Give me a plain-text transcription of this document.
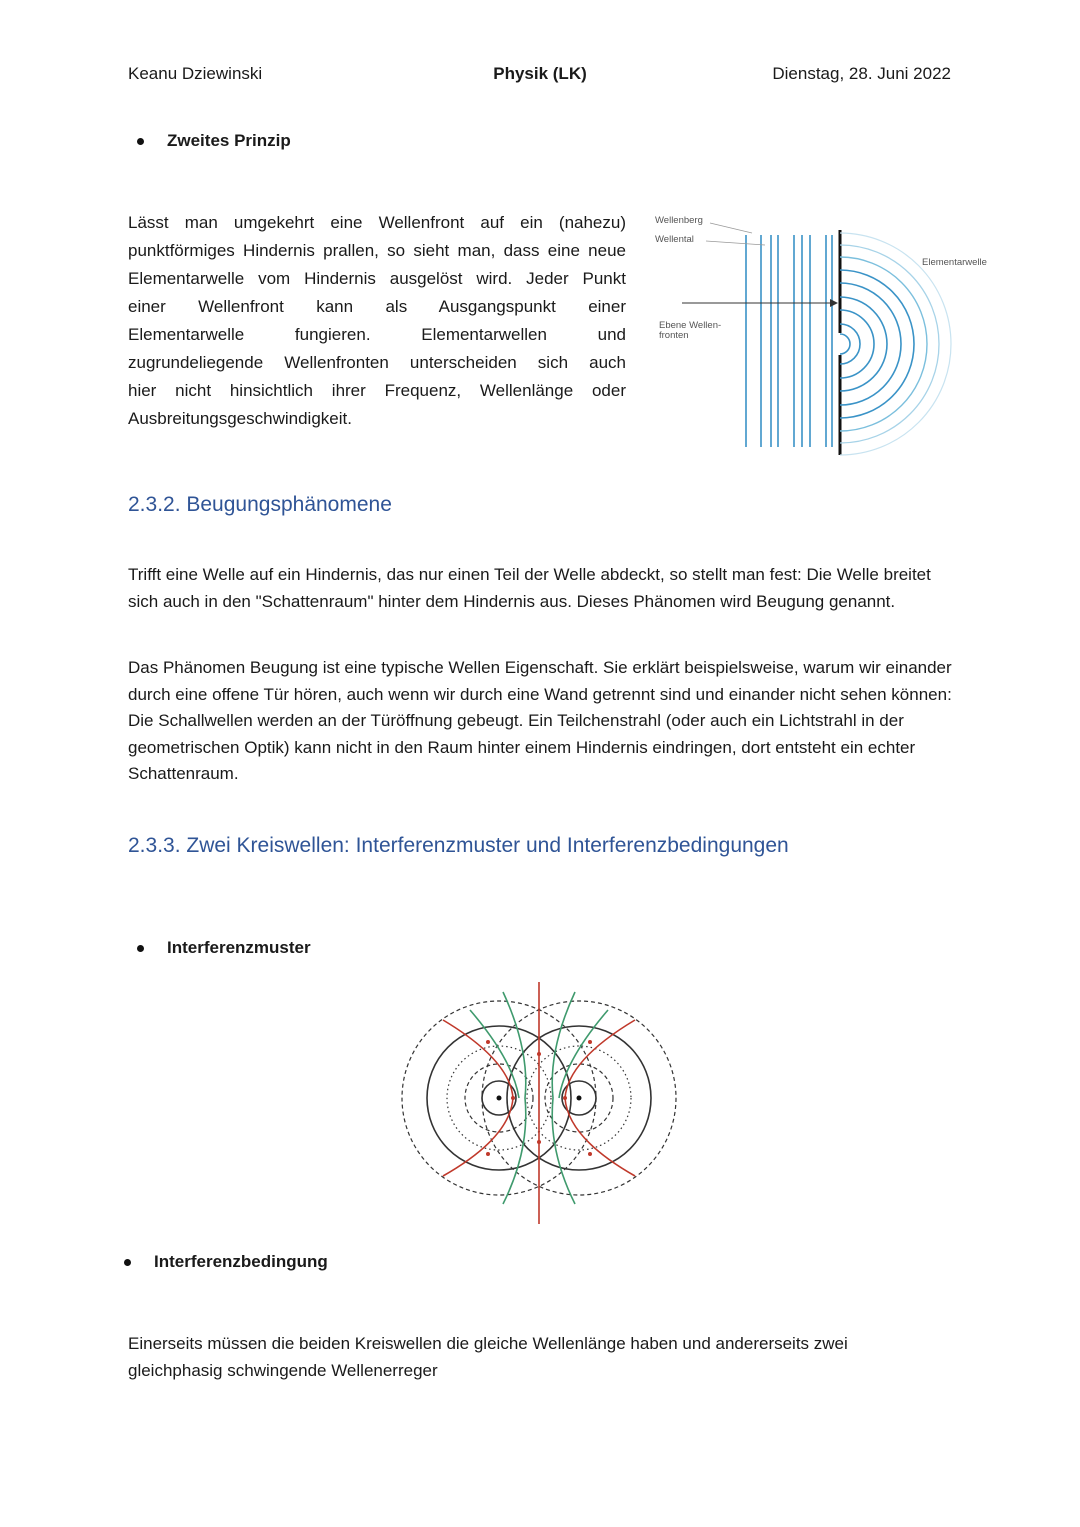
Keanu Dziewinski	Physik (LK)	Dienstag, 28. Juni 2022
Zweites Prinzip
Lässt man umgekehrt eine Wellenfront auf ein (nahezu)
punktförmiges Hindernis prallen, so sieht man, dass eine neue
Elementarwelle vom Hindernis ausgelöst wird. Jeder Punkt
einer Wellenfront kann als Ausgangspunkt einer
Elementarwelle fungieren. Elementarwellen und
zugrundeliegende Wellenfronten unterscheiden sich auch
hier nicht hinsichtlich ihrer Frequenz, Wellenlänge oder
Ausbreitungsgeschwindigkeit.
Wellenberg
Wellental
Elementarwelle
Ebene Wellen-
fronten
2.3.2. Beugungsphänomene
Trifft eine Welle auf ein Hindernis, das nur einen Teil der Welle abdeckt, so stellt man fest: Die Welle breitet sich auch in den "Schattenraum" hinter dem Hindernis aus. Dieses Phänomen wird Beugung genannt.
Das Phänomen Beugung ist eine typische Wellen Eigenschaft. Sie erklärt beispielsweise, warum wir einander durch eine offene Tür hören, auch wenn wir durch eine Wand getrennt sind und einander nicht sehen können: Die Schallwellen werden an der Türöffnung gebeugt. Ein Teilchenstrahl (oder auch ein Lichtstrahl in der geometrischen Optik) kann nicht in den Raum hinter einem Hindernis eindringen, dort entsteht ein echter Schattenraum.
2.3.3. Zwei Kreiswellen: Interferenzmuster und Interferenzbedingungen
Interferenzmuster
Interferenzbedingung
Einerseits müssen die beiden Kreiswellen die gleiche Wellenlänge haben und andererseits zwei gleichphasig schwingende Wellenerreger
